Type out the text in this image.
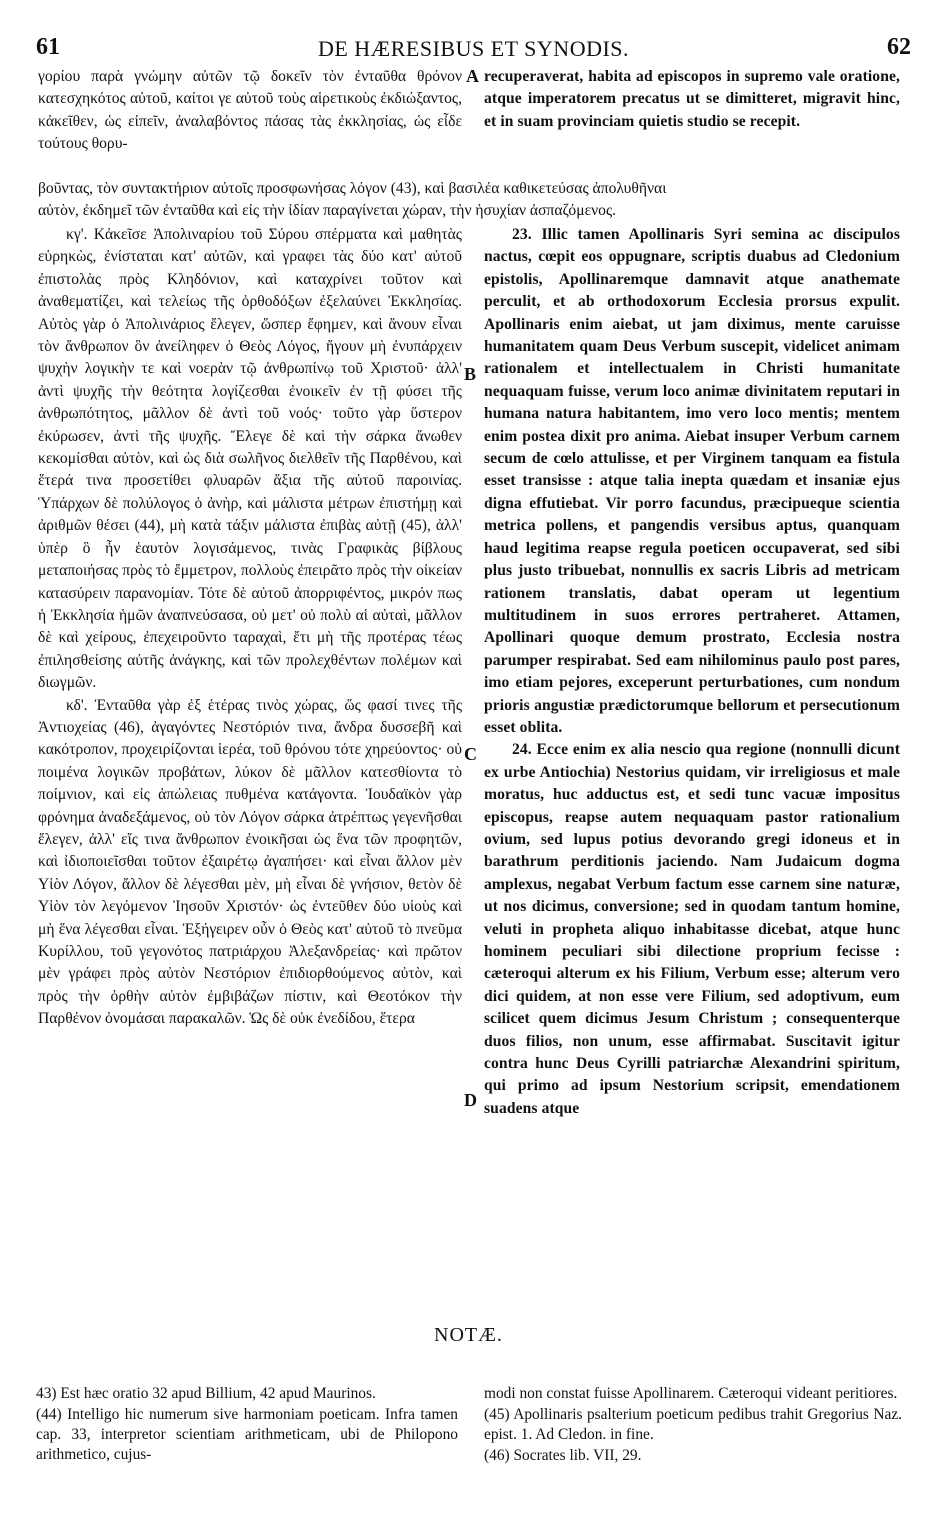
61	DE HÆRESIBUS ET SYNODIS.	62

γορίου παρὰ γνώμην αὐτῶν τῷ δοκεῖν τὸν ἐνταῦθα θρόνον κατεσχηκότος αὐτοῦ, καίτοι γε αὐτοῦ τοὺς αἱρετικοὺς ἐκδιώξαντος, κἀκεῖθεν, ὡς εἰπεῖν, ἀναλαβόντος πάσας τὰς ἐκκλησίας, ὡς εἶδε τούτους θορυ-

βοῦντας, τὸν συντακτήριον αὐτοῖς προσφωνήσας λόγον (43), καὶ βασιλέα καθικετεύσας ἀπολυθῆναι
αὐτὸν, ἐκδημεῖ τῶν ἐνταῦθα καὶ εἰς τὴν ἰδίαν παραγίνεται χώραν, τὴν ἡσυχίαν ἀσπαζόμενος.

κγ'. Κἀκεῖσε Ἀπολιναρίου τοῦ Σύρου σπέρματα καὶ μαθητὰς εὑρηκὼς, ἐνίσταται κατ' αὐτῶν, καὶ γραφει τὰς δύο κατ' αὐτοῦ ἐπιστολὰς πρὸς Κληδόνιον, καὶ καταχρίνει τοῦτον καὶ ἀναθεματίζει, καὶ τελείως τῆς ὀρθοδόξων ἐξελαύνει Ἐκκλησίας. Αὐτὸς γὰρ ὁ Ἀπολινάριος ἔλεγεν, ὥσπερ ἔφημεν, καὶ ἄνουν εἶναι τὸν ἄνθρωπον ὃν ἀνείληφεν ὁ Θεὸς Λόγος, ἤγουν μὴ ἐνυπάρχειν ψυχὴν λογικὴν τε καὶ νοερὰν τῷ ἀνθρωπίνῳ τοῦ Χριστοῦ· ἀλλ' ἀντὶ ψυχῆς τὴν θεότητα λογίζεσθαι ἐνοικεῖν ἐν τῇ φύσει τῆς ἀνθρωπότητος, μᾶλλον δὲ ἀντὶ τοῦ νοός· τοῦτο γὰρ ὕστερον ἐκύρωσεν, ἀντὶ τῆς ψυχῆς. Ἔλεγε δὲ καὶ τὴν σάρκα ἄνωθεν κεκομίσθαι αὐτὸν, καὶ ὡς διὰ σωλῆνος διελθεῖν τῆς Παρθένου, καὶ ἕτερά τινα προσετίθει φλυαρῶν ἄξια τῆς αὐτοῦ παροινίας. Ὑπάρχων δὲ πολύλογος ὁ ἀνὴρ, καὶ μάλιστα μέτρων ἐπιστήμῃ καὶ ἀριθμῶν θέσει (44), μὴ κατὰ τάξιν μάλιστα ἐπιβὰς αὐτῇ (45), ἀλλ' ὑπὲρ ὃ ἦν ἑαυτὸν λογισάμενος, τινὰς Γραφικὰς βίβλους μεταποιήσας πρὸς τὸ ἔμμετρον, πολλοὺς ἐπειρᾶτο πρὸς τὴν οἰκείαν κατασύρειν παρανομίαν. Τότε δὲ αὐτοῦ ἀπορριφέντος, μικρόν πως ἡ Ἐκκλησία ἡμῶν ἀναπνεύσασα, οὐ μετ' οὐ πολὺ αἱ αὐταὶ, μᾶλλον δὲ καὶ χείρους, ἐπεχειροῦντο ταραχαὶ, ἔτι μὴ τῆς προτέρας τέως ἐπιλησθείσης αὐτῆς ἀνάγκης, καὶ τῶν προλεχθέντων πολέμων καὶ διωγμῶν.

κδ'. Ἐνταῦθα γὰρ ἐξ ἑτέρας τινὸς χώρας, ὥς φασί τινες τῆς Ἀντιοχείας (46), ἀγαγόντες Νεστόριόν τινα, ἄνδρα δυσσεβῆ καὶ κακότροπον, προχειρίζονται ἱερέα, τοῦ θρόνου τότε χηρεύοντος· οὐ ποιμένα λογικῶν προβάτων, λύκον δὲ μᾶλλον κατεσθίοντα τὸ ποίμνιον, καὶ εἰς ἀπώλειας πυθμένα κατάγοντα. Ἰουδαϊκὸν γὰρ φρόνημα ἀναδεξάμενος, οὐ τὸν Λόγον σάρκα ἀτρέπτως γεγενῆσθαι ἔλεγεν, ἀλλ' εἴς τινα ἄνθρωπον ἐνοικῆσαι ὡς ἕνα τῶν προφητῶν, καὶ ἰδιοποιεῖσθαι τοῦτον ἐξαιρέτῳ ἀγαπήσει· καὶ εἶναι ἄλλον μὲν Υἱὸν Λόγον, ἄλλον δὲ λέγεσθαι μὲν, μὴ εἶναι δὲ γνήσιον, θετὸν δὲ Υἱὸν τὸν λεγόμενον Ἰησοῦν Χριστόν· ὡς ἐντεῦθεν δύο υἱοὺς καὶ μὴ ἕνα λέγεσθαι εἶναι. Ἐξήγειρεν οὖν ὁ Θεὸς κατ' αὐτοῦ τὸ πνεῦμα Κυρίλλου, τοῦ γεγονότος πατριάρχου Ἀλεξανδρείας· καὶ πρῶτον μὲν γράφει πρὸς αὐτὸν Νεστόριον ἐπιδιορθούμενος αὐτὸν, καὶ πρὸς τὴν ὀρθὴν αὐτὸν ἐμβιβάζων πίστιν, καὶ Θεοτόκον τὴν Παρθένον ὀνομάσαι παρακαλῶν. Ὡς δὲ οὐκ ἐνεδίδου, ἕτερα

recuperaverat, habita ad episcopos in supremo vale oratione, atque imperatorem precatus ut se dimitteret, migravit hinc, et in suam provinciam quietis studio se recepit.

23. Illic tamen Apollinaris Syri semina ac discipulos nactus, cœpit eos oppugnare, scriptis duabus ad Cledonium epistolis, Apollinaremque damnavit atque anathemate perculit, et ab orthodoxorum Ecclesia prorsus expulit. Apollinaris enim aiebat, ut jam diximus, mente caruisse humanitatem quam Deus Verbum suscepit, videlicet animam rationalem et intellectualem in Christi humanitate nequaquam fuisse, verum loco animæ divinitatem reputari in humana natura habitantem, imo vero loco mentis; mentem enim postea dixit pro anima. Aiebat insuper Verbum carnem secum de cœlo attulisse, et per Virginem tanquam ea fistula esset transisse : atque talia inepta quædam et insaniæ ejus digna effutiebat. Vir porro facundus, præcipueque scientia metrica pollens, et pangendis versibus aptus, quanquam haud legitima reapse regula poeticen occupaverat, sed sibi plus justo tribuebat, nonnullis ex sacris Libris ad metricam rationem translatis, dabat operam ut legentium multitudinem in suos errores pertraheret. Attamen, Apollinari quoque demum prostrato, Ecclesia nostra parumper respirabat. Sed eam nihilominus paulo post pares, imo etiam pejores, exceperunt perturbationes, cum nondum prioris angustiæ prædictorumque bellorum et persecutionum esset oblita.

24. Ecce enim ex alia nescio qua regione (nonnulli dicunt ex urbe Antiochia) Nestorius quidam, vir irreligiosus et male moratus, huc adductus est, et sedi tunc vacuæ impositus episcopus, reapse autem nequaquam pastor rationalium ovium, sed lupus potius devorando gregi idoneus et in barathrum perditionis jaciendo. Nam Judaicum dogma amplexus, negabat Verbum factum esse carnem sine naturæ, ut nos dicimus, conversione; sed in quodam tantum homine, veluti in propheta aliquo inhabitasse dicebat, atque hunc hominem peculiari sibi dilectione proprium fecisse : cæteroqui alterum ex his Filium, Verbum esse; alterum vero dici quidem, at non esse vere Filium, sed adoptivum, eum scilicet quem dicimus Jesum Christum ; consequenterque duos filios, non unum, esse affirmabat. Suscitavit igitur contra hunc Deus Cyrilli patriarchæ Alexandrini spiritum, qui primo ad ipsum Nestorium scripsit, emendationem suadens atque

A
B
C
D
NOTÆ.

43) Est hæc oratio 32 apud Billium, 42 apud Maurinos.

(44) Intelligo hic numerum sive harmoniam poeticam. Infra tamen cap. 33, interpretor scientiam arithmeticam, ubi de Philopono arithmetico, cujus-

modi non constat fuisse Apollinarem. Cæteroqui videant peritiores.

(45) Apollinaris psalterium poeticum pedibus trahit Gregorius Naz. epist. 1. Ad Cledon. in fine.

(46) Socrates lib. VII, 29.
